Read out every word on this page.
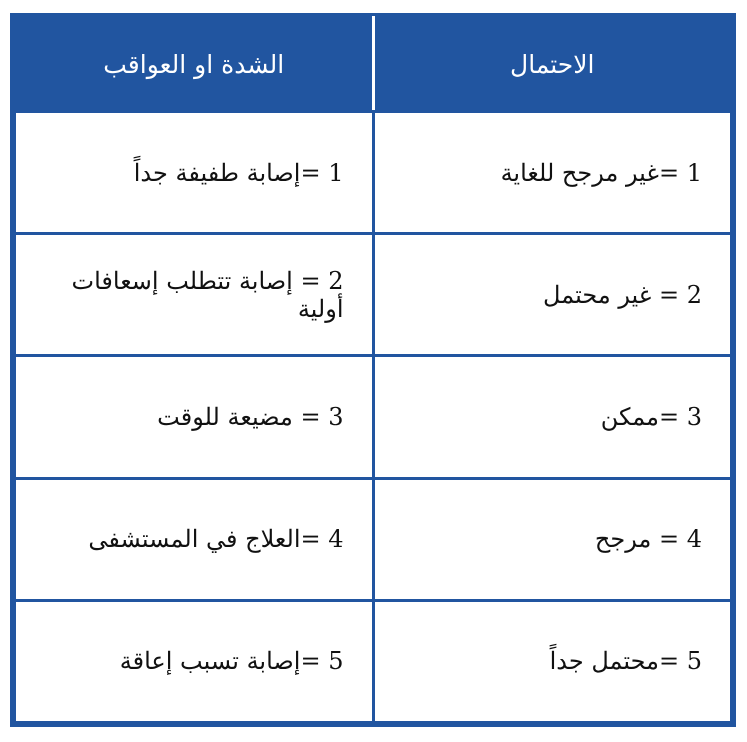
الاحتمال	الشدة او العواقب
1 =غير مرجح للغاية	1 =إصابة طفيفة جداً
2 = غير محتمل	2 = إصابة تتطلب إسعافات أولية
3 =ممكن	3 = مضيعة للوقت
4 = مرجح	4 =العلاج في المستشفى
5 =محتمل جداً	5 =إصابة تسبب إعاقة
